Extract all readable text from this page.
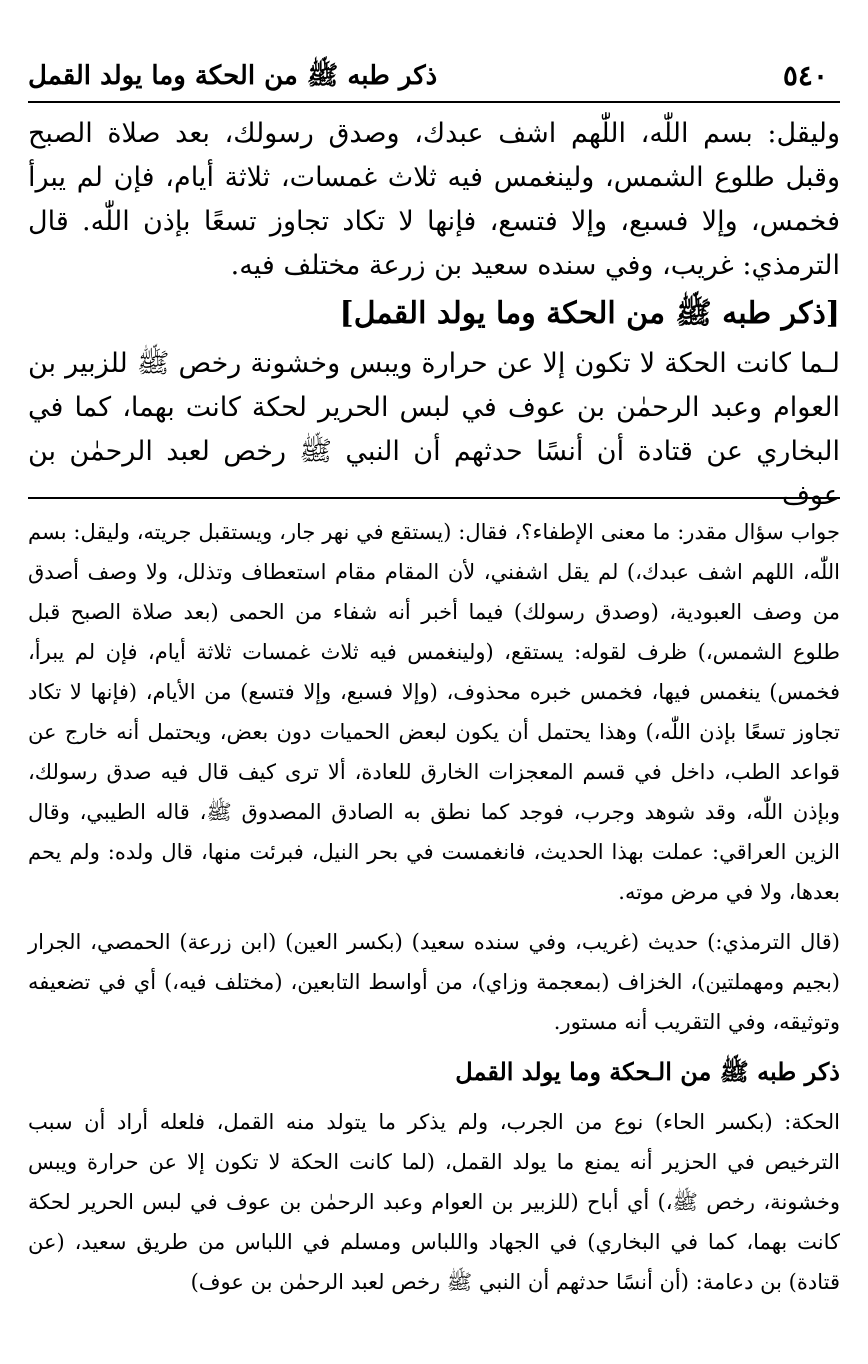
٥٤٠
ذكر طبه ﷺ من الحكة وما يولد القمل

وليقل: بسم اللّٰه، اللّٰهم اشف عبدك، وصدق رسولك، بعد صلاة الصبح وقبل طلوع الشمس، ولينغمس فيه ثلاث غمسات، ثلاثة أيام، فإن لم يبرأ فخمس، وإلا فسبع، وإلا فتسع، فإنها لا تكاد تجاوز تسعًا بإذن اللّٰه. قال الترمذي: غريب، وفي سنده سعيد بن زرعة مختلف فيه.

[ذكر طبه ﷺ من الحكة وما يولد القمل]

لـما كانت الحكة لا تكون إلا عن حرارة ويبس وخشونة رخص ﷺ للزبير بن العوام وعبد الرحمٰن بن عوف في لبس الحرير لحكة كانت بهما، كما في البخاري عن قتادة أن أنسًا حدثهم أن النبي ﷺ رخص لعبد الرحمٰن بن عوف

جواب سؤال مقدر: ما معنى الإطفاء؟، فقال: (يستقع في نهر جار، ويستقبل جريته، وليقل: بسم اللّٰه، اللهم اشف عبدك،) لم يقل اشفني، لأن المقام مقام استعطاف وتذلل، ولا وصف أصدق من وصف العبودية، (وصدق رسولك) فيما أخبر أنه شفاء من الحمى (بعد صلاة الصبح قبل طلوع الشمس،) ظرف لقوله: يستقع، (ولينغمس فيه ثلاث غمسات ثلاثة أيام، فإن لم يبرأ، فخمس) ينغمس فيها، فخمس خبره محذوف، (وإلا فسبع، وإلا فتسع) من الأيام، (فإنها لا تكاد تجاوز تسعًا بإذن اللّٰه،) وهذا يحتمل أن يكون لبعض الحميات دون بعض، ويحتمل أنه خارج عن قواعد الطب، داخل في قسم المعجزات الخارق للعادة، ألا ترى كيف قال فيه صدق رسولك، وبإذن اللّٰه، وقد شوهد وجرب، فوجد كما نطق به الصادق المصدوق ﷺ، قاله الطيبي، وقال الزين العراقي: عملت بهذا الحديث، فانغمست في بحر النيل، فبرئت منها، قال ولده: ولم يحم بعدها، ولا في مرض موته.

(قال الترمذي:) حديث (غريب، وفي سنده سعيد) (بكسر العين) (ابن زرعة) الحمصي، الجرار (بجيم ومهملتين)، الخزاف (بمعجمة وزاي)، من أواسط التابعين، (مختلف فيه،) أي في تضعيفه وتوثيقه، وفي التقريب أنه مستور.

ذكر طبه ﷺ من الـحكة وما يولد القمل

الحكة: (بكسر الحاء) نوع من الجرب، ولم يذكر ما يتولد منه القمل، فلعله أراد أن سبب الترخيص في الحزير أنه يمنع ما يولد القمل، (لما كانت الحكة لا تكون إلا عن حرارة ويبس وخشونة، رخص ﷺ،) أي أباح (للزبير بن العوام وعبد الرحمٰن بن عوف في لبس الحرير لحكة كانت بهما، كما في البخاري) في الجهاد واللباس ومسلم في اللباس من طريق سعيد، (عن قتادة) بن دعامة: (أن أنسًا حدثهم أن النبي ﷺ رخص لعبد الرحمٰن بن عوف)
